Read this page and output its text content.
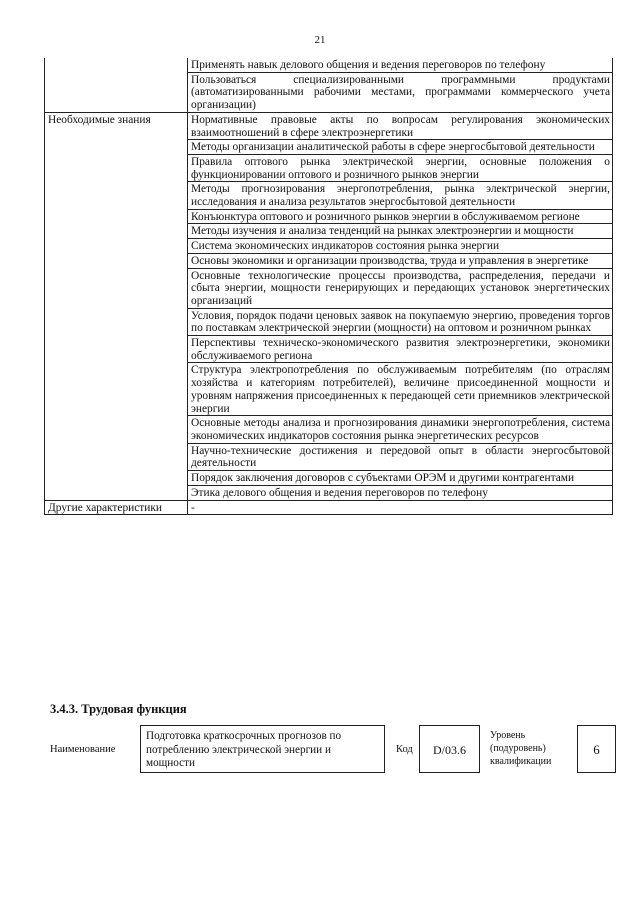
21
	Применять навык делового общения и ведения переговоров по телефону
	Пользоваться специализированными программными продуктами (автоматизированными рабочими местами, программами коммерческого учета организации)
Необходимые знания	Нормативные правовые акты по вопросам регулирования экономических взаимоотношений в сфере электроэнергетики
	Методы организации аналитической работы в сфере энергосбытовой деятельности
	Правила оптового рынка электрической энергии, основные положения о функционировании оптового и розничного рынков энергии
	Методы прогнозирования энергопотребления, рынка электрической энергии, исследования и анализа результатов энергосбытовой деятельности
	Конъюнктура оптового и розничного рынков энергии в обслуживаемом регионе
	Методы изучения и анализа тенденций на рынках электроэнергии и мощности
	Система экономических индикаторов состояния рынка энергии
	Основы экономики и организации производства, труда и управления в энергетике
	Основные технологические процессы производства, распределения, передачи и сбыта энергии, мощности генерирующих и передающих установок энергетических организаций
	Условия, порядок подачи ценовых заявок на покупаемую энергию, проведения торгов по поставкам электрической энергии (мощности) на оптовом и розничном рынках
	Перспективы техническо-экономического развития электроэнергетики, экономики обслуживаемого региона
	Структура электропотребления по обслуживаемым потребителям (по отраслям хозяйства и категориям потребителей), величине присоединенной мощности и уровням напряжения присоединенных к передающей сети приемников электрической энергии
	Основные методы анализа и прогнозирования динамики энергопотребления, система экономических индикаторов состояния рынка энергетических ресурсов
	Научно-технические достижения и передовой опыт в области энергосбытовой деятельности
	Порядок заключения договоров с субъектами ОРЭМ и другими контрагентами
	Этика делового общения и ведения переговоров по телефону
Другие характеристики	-
3.4.3. Трудовая функция
Наименование
Подготовка краткосрочных прогнозов по потреблению электрической энергии и мощности
Код	D/03.6
Уровень (подуровень) квалификации
6
